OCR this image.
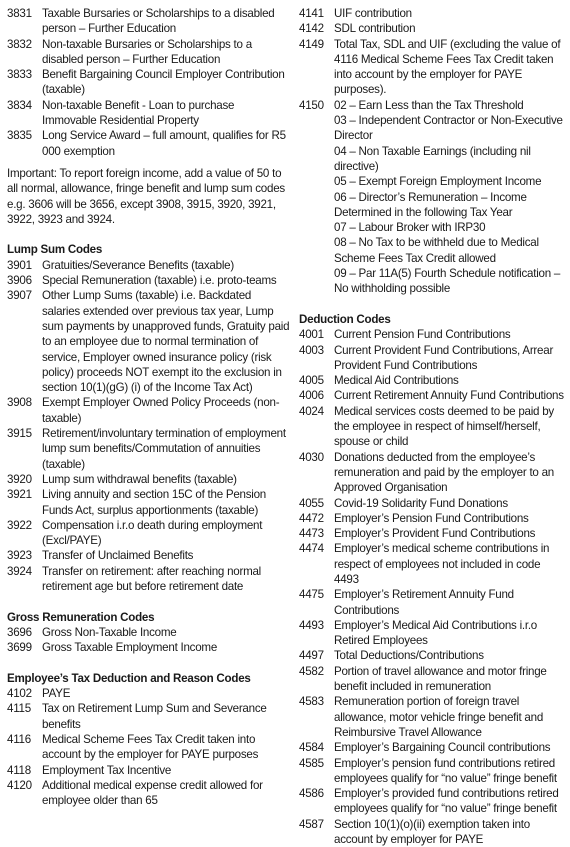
3831 Taxable Bursaries or Scholarships to a disabled person – Further Education
3832 Non-taxable Bursaries or Scholarships to a disabled person – Further Education
3833 Benefit Bargaining Council Employer Contribution (taxable)
3834 Non-taxable Benefit - Loan to purchase Immovable Residential Property
3835 Long Service Award – full amount, qualifies for R5 000 exemption
Important: To report foreign income, add a value of 50 to all normal, allowance, fringe benefit and lump sum codes e.g. 3606 will be 3656, except 3908, 3915, 3920, 3921, 3922, 3923 and 3924.
Lump Sum Codes
3901 Gratuities/Severance Benefits (taxable)
3906 Special Remuneration (taxable) i.e. proto-teams
3907 Other Lump Sums (taxable) i.e. Backdated salaries extended over previous tax year, Lump sum payments by unapproved funds, Gratuity paid to an employee due to normal termination of service, Employer owned insurance policy (risk policy) proceeds NOT exempt ito the exclusion in section 10(1)(gG) (i) of the Income Tax Act)
3908 Exempt Employer Owned Policy Proceeds (non-taxable)
3915 Retirement/involuntary termination of employment lump sum benefits/Commutation of annuities (taxable)
3920 Lump sum withdrawal benefits (taxable)
3921 Living annuity and section 15C of the Pension Funds Act, surplus apportionments (taxable)
3922 Compensation i.r.o death during employment (Excl/PAYE)
3923 Transfer of Unclaimed Benefits
3924 Transfer on retirement: after reaching normal retirement age but before retirement date
Gross Remuneration Codes
3696 Gross Non-Taxable Income
3699 Gross Taxable Employment Income
Employee’s Tax Deduction and Reason Codes
4102 PAYE
4115 Tax on Retirement Lump Sum and Severance benefits
4116 Medical Scheme Fees Tax Credit taken into account by the employer for PAYE purposes
4118 Employment Tax Incentive
4120 Additional medical expense credit allowed for employee older than 65
4141 UIF contribution
4142 SDL contribution
4149 Total Tax, SDL and UIF (excluding the value of 4116 Medical Scheme Fees Tax Credit taken into account by the employer for PAYE purposes).
4150 02 – Earn Less than the Tax Threshold
03 – Independent Contractor or Non-Executive Director
04 – Non Taxable Earnings (including nil directive)
05 – Exempt Foreign Employment Income
06 – Director’s Remuneration – Income Determined in the following Tax Year
07 – Labour Broker with IRP30
08 – No Tax to be withheld due to Medical Scheme Fees Tax Credit allowed
09 – Par 11A(5) Fourth Schedule notification – No withholding possible
Deduction Codes
4001 Current Pension Fund Contributions
4003 Current Provident Fund Contributions, Arrear Provident Fund Contributions
4005 Medical Aid Contributions
4006 Current Retirement Annuity Fund Contributions
4024 Medical services costs deemed to be paid by the employee in respect of himself/herself, spouse or child
4030 Donations deducted from the employee’s remuneration and paid by the employer to an Approved Organisation
4055 Covid-19 Solidarity Fund Donations
4472 Employer’s Pension Fund Contributions
4473 Employer’s Provident Fund Contributions
4474 Employer’s medical scheme contributions in respect of employees not included in code 4493
4475 Employer’s Retirement Annuity Fund Contributions
4493 Employer’s Medical Aid Contributions i.r.o Retired Employees
4497 Total Deductions/Contributions
4582 Portion of travel allowance and motor fringe benefit included in remuneration
4583 Remuneration portion of foreign travel allowance, motor vehicle fringe benefit and Reimbursive Travel Allowance
4584 Employer’s Bargaining Council contributions
4585 Employer’s pension fund contributions retired employees qualify for “no value” fringe benefit
4586 Employer’s provided fund contributions retired employees qualify for “no value” fringe benefit
4587 Section 10(1)(o)(ii) exemption taken into account by employer for PAYE
